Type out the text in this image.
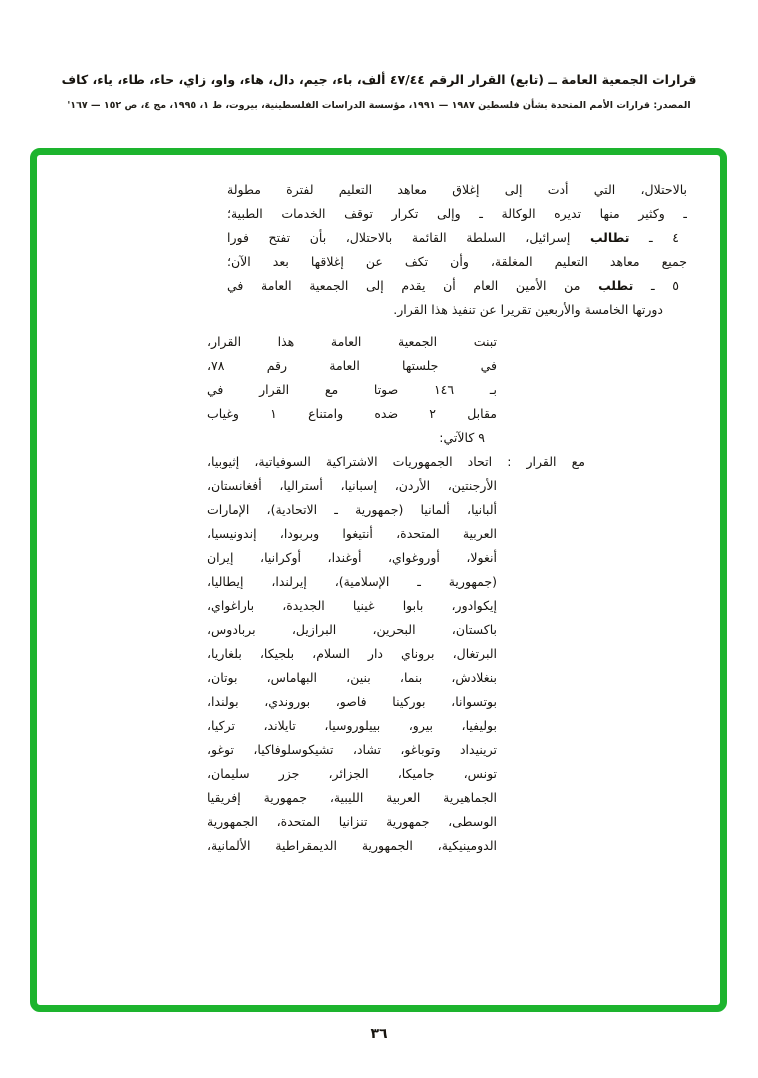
قرارات الجمعية العامة ــ (تابع) القرار الرقم ٤٧/٤٤ ألف، باء، جيم، دال، هاء، واو، زاي، حاء، طاء، ياء، كاف
المصدر: قرارات الأمم المتحدة بشأن فلسطين ١٩٨٧ — ١٩٩١، مؤسسة الدراسات الفلسطينية، بيروت، ط ١، ١٩٩٥، مج ٤، ص ١٥٢ — ١٦٧'
بالاحتلال، التي أدت إلى إغلاق معاهد التعليم لفترة مطولة
ـ وكثير منها تديره الوكالة ـ وإلى تكرار توقف الخدمات الطبية؛
٤ ـ تطالب إسرائيل، السلطة القائمة بالاحتلال، بأن تفتح فورا
جميع معاهد التعليم المغلقة، وأن تكف عن إغلاقها بعد الآن؛
٥ ـ تطلب من الأمين العام أن يقدم إلى الجمعية العامة في
دورتها الخامسة والأربعين تقريرا عن تنفيذ هذا القرار.
تبنت الجمعية العامة هذا القرار،
في جلستها العامة رقم ٧٨،
بـ ١٤٦ صوتا مع القرار في
مقابل ٢ ضده وامتناع ١ وغياب
٩ كالآتي:
مع القرار : اتحاد الجمهوريات الاشتراكية السوفياتية، إثيوبيا،
الأرجنتين، الأردن، إسبانيا، أستراليا، أفغانستان،
ألبانيا، ألمانيا (جمهورية ـ الاتحادية)، الإمارات
العربية المتحدة، أنتيغوا وبربودا، إندونيسيا،
أنغولا، أوروغواي، أوغندا، أوكرانيا، إيران
(جمهورية ـ الإسلامية)، إيرلندا، إيطاليا،
إيكوادور، بابوا غينيا الجديدة، باراغواي،
باكستان، البحرين، البرازيل، بربادوس،
البرتغال، بروناي دار السلام، بلجيكا، بلغاريا،
بنغلادش، بنما، بنين، البهاماس، بوتان،
بوتسوانا، بوركينا فاصو، بوروندي، بولندا،
بوليفيا، بيرو، بييلوروسيا، تايلاند، تركيا،
ترينيداد وتوباغو، تشاد، تشيكوسلوفاكيا، توغو،
تونس، جاميكا، الجزائر، جزر سليمان،
الجماهيرية العربية الليبية، جمهورية إفريقيا
الوسطى، جمهورية تنزانيا المتحدة، الجمهورية
الدومينيكية، الجمهورية الديمقراطية الألمانية،
٣٦
